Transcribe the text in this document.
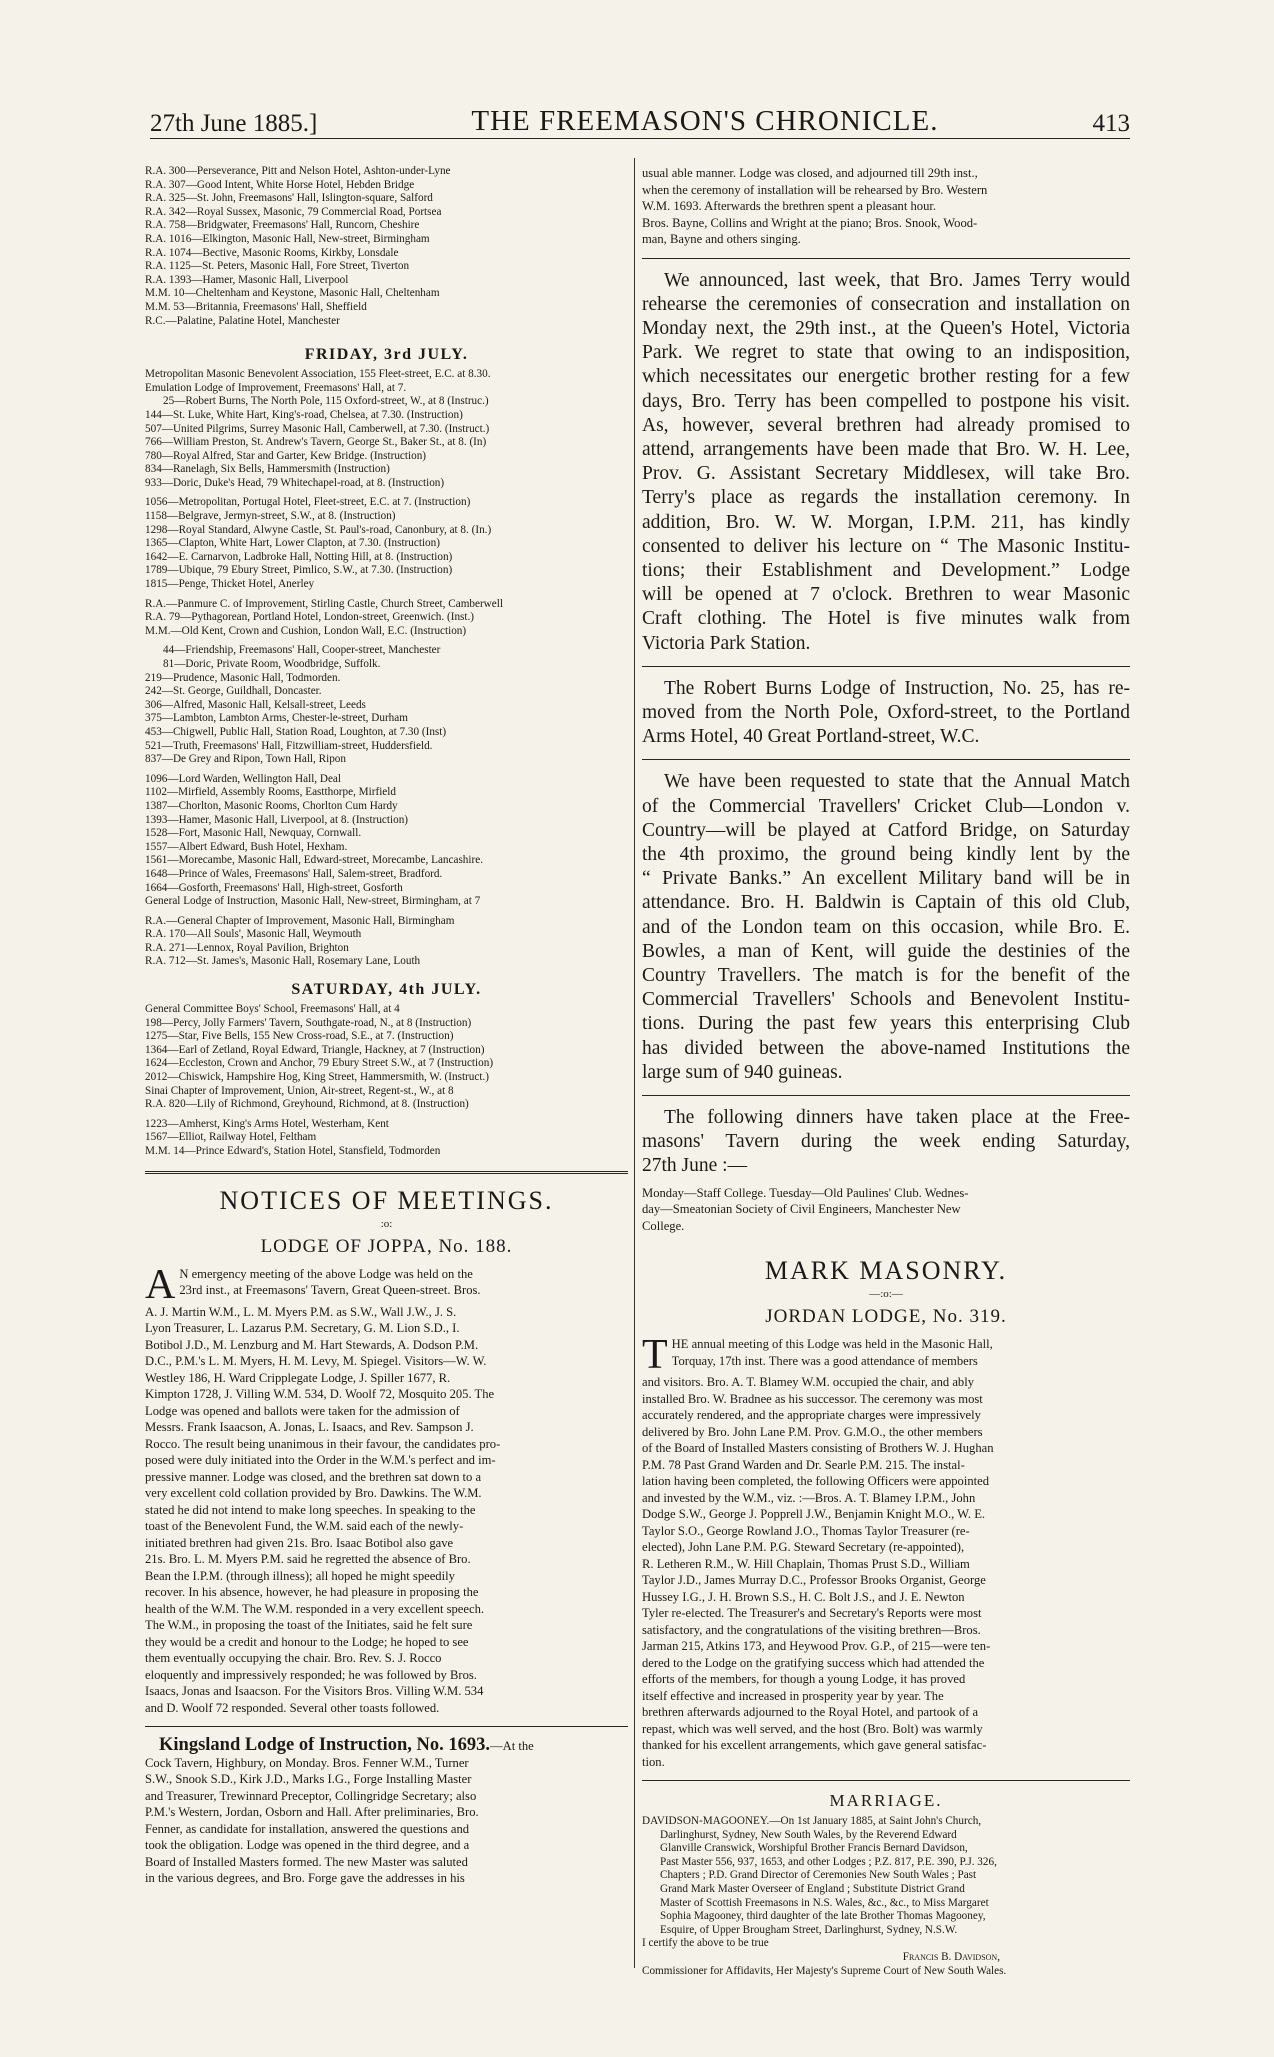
27th June 1885.]	THE FREEMASON'S CHRONICLE.	413
R.A. 300—Perseverance, Pitt and Nelson Hotel, Ashton-under-Lyne
R.A. 307—Good Intent, White Horse Hotel, Hebden Bridge
R.A. 325—St. John, Freemasons' Hall, Islington-square, Salford
R.A. 342—Royal Sussex, Masonic, 79 Commercial Road, Portsea
R.A. 758—Bridgwater, Freemasons' Hall, Runcorn, Cheshire
R.A. 1016—Elkington, Masonic Hall, New-street, Birmingham
R.A. 1074—Bective, Masonic Rooms, Kirkby, Lonsdale
R.A. 1125—St. Peters, Masonic Hall, Fore Street, Tiverton
R.A. 1393—Hamer, Masonic Hall, Liverpool
M.M. 10—Cheltenham and Keystone, Masonic Hall, Cheltenham
M.M. 53—Britannia, Freemasons' Hall, Sheffield
R.C.—Palatine, Palatine Hotel, Manchester
FRIDAY, 3rd JULY.
Metropolitan Masonic Benevolent Association, 155 Fleet-street, E.C. at 8.30.
Emulation Lodge of Improvement, Freemasons' Hall, at 7.
25—Robert Burns, The North Pole, 115 Oxford-street, W., at 8 (Instruc.)
144—St. Luke, White Hart, King's-road, Chelsea, at 7.30. (Instruction)
507—United Pilgrims, Surrey Masonic Hall, Camberwell, at 7.30. (Instruct.)
766—William Preston, St. Andrew's Tavern, George St., Baker St., at 8. (In)
780—Royal Alfred, Star and Garter, Kew Bridge. (Instruction)
834—Ranelagh, Six Bells, Hammersmith (Instruction)
933—Doric, Duke's Head, 79 Whitechapel-road, at 8. (Instruction)
1056—Metropolitan, Portugal Hotel, Fleet-street, E.C. at 7. (Instruction)
1158—Belgrave, Jermyn-street, S.W., at 8. (Instruction)
1298—Royal Standard, Alwyne Castle, St. Paul's-road, Canonbury, at 8. (In.)
1365—Clapton, White Hart, Lower Clapton, at 7.30. (Instruction)
1642—E. Carnarvon, Ladbroke Hall, Notting Hill, at 8. (Instruction)
1789—Ubique, 79 Ebury Street, Pimlico, S.W., at 7.30. (Instruction)
1815—Penge, Thicket Hotel, Anerley
R.A.—Panmure C. of Improvement, Stirling Castle, Church Street, Camberwell
R.A. 79—Pythagorean, Portland Hotel, London-street, Greenwich. (Inst.)
M.M.—Old Kent, Crown and Cushion, London Wall, E.C. (Instruction)
44—Friendship, Freemasons' Hall, Cooper-street, Manchester
81—Doric, Private Room, Woodbridge, Suffolk.
219—Prudence, Masonic Hall, Todmorden.
242—St. George, Guildhall, Doncaster.
306—Alfred, Masonic Hall, Kelsall-street, Leeds
375—Lambton, Lambton Arms, Chester-le-street, Durham
453—Chigwell, Public Hall, Station Road, Loughton, at 7.30 (Inst)
521—Truth, Freemasons' Hall, Fitzwilliam-street, Huddersfield.
837—De Grey and Ripon, Town Hall, Ripon
1096—Lord Warden, Wellington Hall, Deal
1102—Mirfield, Assembly Rooms, Eastthorpe, Mirfield
1387—Chorlton, Masonic Rooms, Chorlton Cum Hardy
1393—Hamer, Masonic Hall, Liverpool, at 8. (Instruction)
1528—Fort, Masonic Hall, Newquay, Cornwall.
1557—Albert Edward, Bush Hotel, Hexham.
1561—Morecambe, Masonic Hall, Edward-street, Morecambe, Lancashire.
1648—Prince of Wales, Freemasons' Hall, Salem-street, Bradford.
1664—Gosforth, Freemasons' Hall, High-street, Gosforth
General Lodge of Instruction, Masonic Hall, New-street, Birmingham, at 7
R.A.—General Chapter of Improvement, Masonic Hall, Birmingham
R.A. 170—All Souls', Masonic Hall, Weymouth
R.A. 271—Lennox, Royal Pavilion, Brighton
R.A. 712—St. James's, Masonic Hall, Rosemary Lane, Louth
SATURDAY, 4th JULY.
General Committee Boys' School, Freemasons' Hall, at 4
198—Percy, Jolly Farmers' Tavern, Southgate-road, N., at 8 (Instruction)
1275—Star, Five Bells, 155 New Cross-road, S.E., at 7. (Instruction)
1364—Earl of Zetland, Royal Edward, Triangle, Hackney, at 7 (Instruction)
1624—Eccleston, Crown and Anchor, 79 Ebury Street S.W., at 7 (Instruction)
2012—Chiswick, Hampshire Hog, King Street, Hammersmith, W. (Instruct.)
Sinai Chapter of Improvement, Union, Air-street, Regent-st., W., at 8
R.A. 820—Lily of Richmond, Greyhound, Richmond, at 8. (Instruction)
1223—Amherst, King's Arms Hotel, Westerham, Kent
1567—Elliot, Railway Hotel, Feltham
M.M. 14—Prince Edward's, Station Hotel, Stansfield, Todmorden
NOTICES OF MEETINGS.
:o:
LODGE OF JOPPA, No. 188.
A N emergency meeting of the above Lodge was held on the
23rd inst., at Freemasons' Tavern, Great Queen-street. Bros.
A. J. Martin W.M., L. M. Myers P.M. as S.W., Wall J.W., J. S.
Lyon Treasurer, L. Lazarus P.M. Secretary, G. M. Lion S.D., I.
Botibol J.D., M. Lenzburg and M. Hart Stewards, A. Dodson P.M.
D.C., P.M.'s L. M. Myers, H. M. Levy, M. Spiegel. Visitors—W. W.
Westley 186, H. Ward Cripplegate Lodge, J. Spiller 1677, R.
Kimpton 1728, J. Villing W.M. 534, D. Woolf 72, Mosquito 205. The
Lodge was opened and ballots were taken for the admission of
Messrs. Frank Isaacson, A. Jonas, L. Isaacs, and Rev. Sampson J.
Rocco. The result being unanimous in their favour, the candidates pro-
posed were duly initiated into the Order in the W.M.'s perfect and im-
pressive manner. Lodge was closed, and the brethren sat down to a
very excellent cold collation provided by Bro. Dawkins. The W.M.
stated he did not intend to make long speeches. In speaking to the
toast of the Benevolent Fund, the W.M. said each of the newly-
initiated brethren had given 21s. Bro. Isaac Botibol also gave
21s. Bro. L. M. Myers P.M. said he regretted the absence of Bro.
Bean the I.P.M. (through illness); all hoped he might speedily
recover. In his absence, however, he had pleasure in proposing the
health of the W.M. The W.M. responded in a very excellent speech.
The W.M., in proposing the toast of the Initiates, said he felt sure
they would be a credit and honour to the Lodge; he hoped to see
them eventually occupying the chair. Bro. Rev. S. J. Rocco
eloquently and impressively responded; he was followed by Bros.
Isaacs, Jonas and Isaacson. For the Visitors Bros. Villing W.M. 534
and D. Woolf 72 responded. Several other toasts followed.
Kingsland Lodge of Instruction, No. 1693.—At the
Cock Tavern, Highbury, on Monday. Bros. Fenner W.M., Turner
S.W., Snook S.D., Kirk J.D., Marks I.G., Forge Installing Master
and Treasurer, Trewinnard Preceptor, Collingridge Secretary; also
P.M.'s Western, Jordan, Osborn and Hall. After preliminaries, Bro.
Fenner, as candidate for installation, answered the questions and
took the obligation. Lodge was opened in the third degree, and a
Board of Installed Masters formed. The new Master was saluted
in the various degrees, and Bro. Forge gave the addresses in his
usual able manner. Lodge was closed, and adjourned till 29th inst.,
when the ceremony of installation will be rehearsed by Bro. Western
W.M. 1693. Afterwards the brethren spent a pleasant hour.
Bros. Bayne, Collins and Wright at the piano; Bros. Snook, Wood-
man, Bayne and others singing.
We announced, last week, that Bro. James Terry would
rehearse the ceremonies of consecration and installation on
Monday next, the 29th inst., at the Queen's Hotel, Victoria
Park. We regret to state that owing to an indisposition,
which necessitates our energetic brother resting for a few
days, Bro. Terry has been compelled to postpone his visit.
As, however, several brethren had already promised to
attend, arrangements have been made that Bro. W. H. Lee,
Prov. G. Assistant Secretary Middlesex, will take Bro.
Terry's place as regards the installation ceremony. In
addition, Bro. W. W. Morgan, I.P.M. 211, has kindly
consented to deliver his lecture on “ The Masonic Institu-
tions; their Establishment and Development.” Lodge
will be opened at 7 o'clock. Brethren to wear Masonic
Craft clothing. The Hotel is five minutes walk from
Victoria Park Station.
The Robert Burns Lodge of Instruction, No. 25, has re-
moved from the North Pole, Oxford-street, to the Portland
Arms Hotel, 40 Great Portland-street, W.C.
We have been requested to state that the Annual Match
of the Commercial Travellers' Cricket Club—London v.
Country—will be played at Catford Bridge, on Saturday
the 4th proximo, the ground being kindly lent by the
“ Private Banks.” An excellent Military band will be in
attendance. Bro. H. Baldwin is Captain of this old Club,
and of the London team on this occasion, while Bro. E.
Bowles, a man of Kent, will guide the destinies of the
Country Travellers. The match is for the benefit of the
Commercial Travellers' Schools and Benevolent Institu-
tions. During the past few years this enterprising Club
has divided between the above-named Institutions the
large sum of 940 guineas.
The following dinners have taken place at the Free-
masons' Tavern during the week ending Saturday,
27th June :—
Monday—Staff College. Tuesday—Old Paulines' Club. Wednes-
day—Smeatonian Society of Civil Engineers, Manchester New
College.
MARK MASONRY.
—:o:—
JORDAN LODGE, No. 319.
T HE annual meeting of this Lodge was held in the Masonic Hall,
Torquay, 17th inst. There was a good attendance of members
and visitors. Bro. A. T. Blamey W.M. occupied the chair, and ably
installed Bro. W. Bradnee as his successor. The ceremony was most
accurately rendered, and the appropriate charges were impressively
delivered by Bro. John Lane P.M. Prov. G.M.O., the other members
of the Board of Installed Masters consisting of Brothers W. J. Hughan
P.M. 78 Past Grand Warden and Dr. Searle P.M. 215. The instal-
lation having been completed, the following Officers were appointed
and invested by the W.M., viz. :—Bros. A. T. Blamey I.P.M., John
Dodge S.W., George J. Popprell J.W., Benjamin Knight M.O., W. E.
Taylor S.O., George Rowland J.O., Thomas Taylor Treasurer (re-
elected), John Lane P.M. P.G. Steward Secretary (re-appointed),
R. Letheren R.M., W. Hill Chaplain, Thomas Prust S.D., William
Taylor J.D., James Murray D.C., Professor Brooks Organist, George
Hussey I.G., J. H. Brown S.S., H. C. Bolt J.S., and J. E. Newton
Tyler re-elected. The Treasurer's and Secretary's Reports were most
satisfactory, and the congratulations of the visiting brethren—Bros.
Jarman 215, Atkins 173, and Heywood Prov. G.P., of 215—were ten-
dered to the Lodge on the gratifying success which had attended the
efforts of the members, for though a young Lodge, it has proved
itself effective and increased in prosperity year by year. The
brethren afterwards adjourned to the Royal Hotel, and partook of a
repast, which was well served, and the host (Bro. Bolt) was warmly
thanked for his excellent arrangements, which gave general satisfac-
tion.
MARRIAGE.
DAVIDSON-MAGOONEY.—On 1st January 1885, at Saint John's Church,
Darlinghurst, Sydney, New South Wales, by the Reverend Edward
Glanville Cranswick, Worshipful Brother Francis Bernard Davidson,
Past Master 556, 937, 1653, and other Lodges ; P.Z. 817, P.E. 390, P.J. 326,
Chapters ; P.D. Grand Director of Ceremonies New South Wales ; Past
Grand Mark Master Overseer of England ; Substitute District Grand
Master of Scottish Freemasons in N.S. Wales, &c., &c., to Miss Margaret
Sophia Magooney, third daughter of the late Brother Thomas Magooney,
Esquire, of Upper Brougham Street, Darlinghurst, Sydney, N.S.W.
I certify the above to be true
Francis B. Davidson,
Commissioner for Affidavits, Her Majesty's Supreme Court of New South Wales.
